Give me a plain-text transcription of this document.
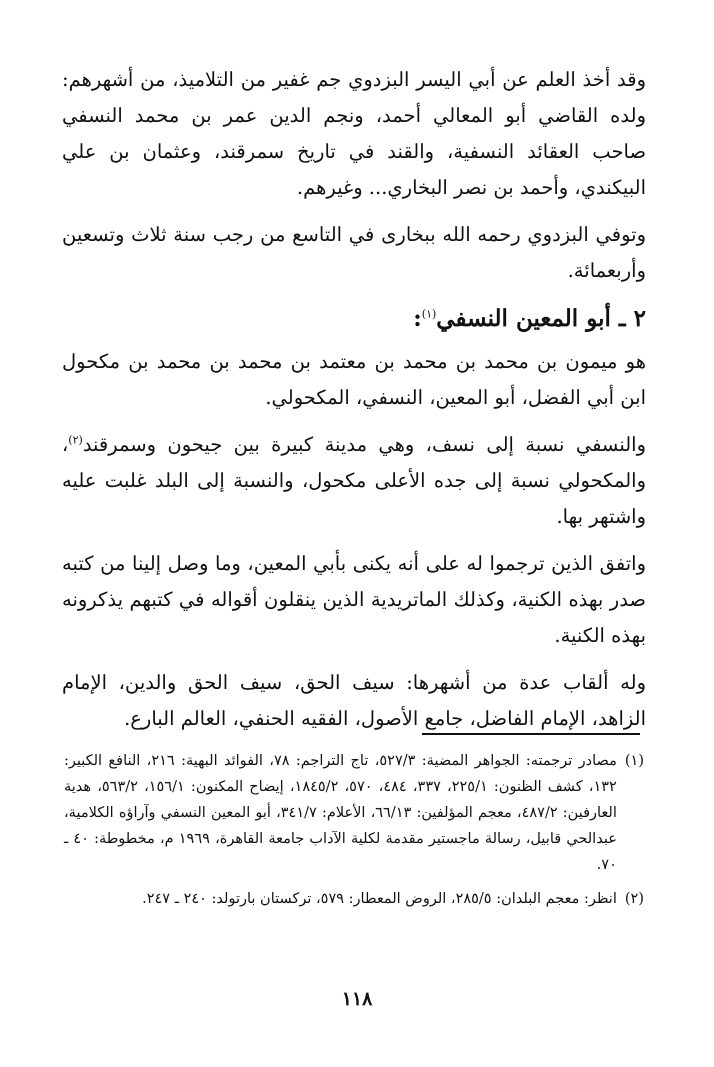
وقد أخذ العلم عن أبي اليسر البزدوي جم غفير من التلاميذ، من أشهرهم: ولده القاضي أبو المعالي أحمد، ونجم الدين عمر بن محمد النسفي صاحب العقائد النسفية، والقند في تاريخ سمرقند، وعثمان بن علي البيكندي، وأحمد بن نصر البخاري... وغيرهم.

وتوفي البزدوي رحمه الله ببخارى في التاسع من رجب سنة ثلاث وتسعين وأربعمائة.

٢ ـ أبو المعين النسفي$^{(١)}$:

هو ميمون بن محمد بن محمد بن معتمد بن محمد بن محمد بن مكحول ابن أبي الفضل، أبو المعين، النسفي، المكحولي.

والنسفي نسبة إلى نسف، وهي مدينة كبيرة بين جيحون وسمرقند$^{(٢)}$، والمكحولي نسبة إلى جده الأعلى مكحول، والنسبة إلى البلد غلبت عليه واشتهر بها.

واتفق الذين ترجموا له على أنه يكنى بأبي المعين، وما وصل إلينا من كتبه صدر بهذه الكنية، وكذلك الماتريدية الذين ينقلون أقواله في كتبهم يذكرونه بهذه الكنية.

وله ألقاب عدة من أشهرها: سيف الحق، سيف الحق والدين، الإمام الزاهد، الإمام الفاضل، جامع الأصول، الفقيه الحنفي، العالم البارع.

(١)
مصادر ترجمته: الجواهر المضية: ٥٢٧/٣، تاج التراجم: ٧٨، الفوائد البهية: ٢١٦، النافع الكبير: ١٣٢، كشف الظنون: ٢٢٥/١، ٣٣٧، ٤٨٤، ٥٧٠، ١٨٤٥/٢، إيضاح المكنون: ١٥٦/١، ٥٦٣/٢، هدية العارفين: ٤٨٧/٢، معجم المؤلفين: ٦٦/١٣، الأعلام: ٣٤١/٧، أبو المعين النسفي وآراؤه الكلامية، عبدالحي قابيل، رسالة ماجستير مقدمة لكلية الآداب جامعة القاهرة، ١٩٦٩ م، مخطوطة: ٤٠ ـ ٧٠.
(٢)
انظر: معجم البلدان: ٢٨٥/٥، الروض المعطار: ٥٧٩، تركستان بارتولد: ٢٤٠ ـ ٢٤٧.
١١٨
